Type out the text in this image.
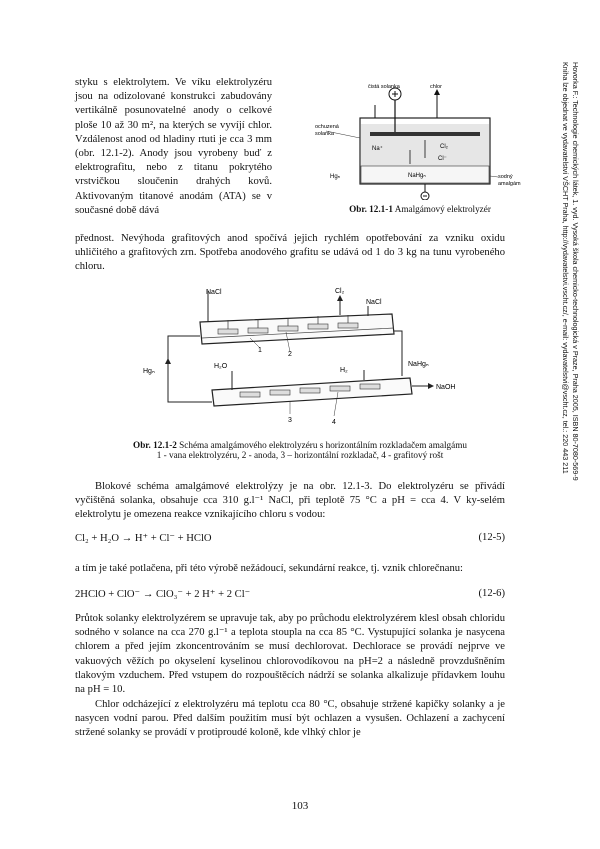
Hovorka F.: Technologie chemických látek, 1. vyd. Vysoká škola chemicko-technologická v Praze, Praha 2005, ISBN 80-7080-569-9
Kniha lze objednat ve vydavatelství VŠCHT Praha, http://vydavatelstvi.vscht.cz/, e-mail: vydavatelstvi@vscht.cz, tel.: 220 443 211

styku s elektrolytem. Ve víku elektrolyzéru jsou na odizolované konstrukci zabudovány vertikálně posunovatelné anody o celkové ploše 10 až 30 m², na kterých se vyvíjí chlor. Vzdálenost anod od hladiny rtuti je cca 3 mm (obr. 12.1-2). Anody jsou vyrobeny buď z elektrografitu, nebo z titanu pokrytého vrstvičkou sloučenin drahých kovů. Aktivovaným titanové anodám (ATA) se v současné době dává

čistá solanka	chlor
ochuzená
solanka
Na⁺	Cl₂
Cl⁻
Hgₙ	NaHgₙ	sodný
amalgám
Obr. 12.1-1 Amalgámový elektrolyzér

přednost. Nevýhoda grafitových anod spočívá jejich rychlém opotřebování za vzniku oxidu uhličitého a grafitových zrn. Spotřeba anodového grafitu se udává od 1 do 3 kg na tunu vyrobeného chloru.

NaCl	Cl₂
NaCl
H₂O
1
2
Hgₙ
NaHgₙ
H₂
NaOH
3	4
Obr. 12.1-2 Schéma amalgámového elektrolyzéru s horizontálním rozkladačem amalgámu
1 - vana elektrolyzéru, 2 - anoda, 3 – horizontální rozkladač, 4 - grafitový rošt

Blokové schéma amalgámové elektrolýzy je na obr. 12.1-3. Do elektrolyzéru se přivádí vyčištěná solanka, obsahuje cca 310 g.l⁻¹ NaCl, při teplotě 75 °C a pH = cca 4. V ky-selém elektrolytu je omezena reakce vznikajícího chloru s vodou:

Cl₂ + H₂O → H⁺ + Cl⁻ + HClO	(12-5)

a tím je také potlačena, při této výrobě nežádoucí, sekundární reakce, tj. vznik chlorečnanu:

2HClO + ClO⁻ → ClO₃⁻ + 2 H⁺ + 2 Cl⁻	(12-6)

Průtok solanky elektrolyzérem se upravuje tak, aby po průchodu elektrolyzérem klesl obsah chloridu sodného v solance na cca 270 g.l⁻¹ a teplota stoupla na cca 85 °C. Vystupující solanka je nasycena chlorem a před jejím zkoncentrováním se musí dechlorovat. Dechlorace se provádí nejprve ve vakuových věžích po okyselení kyselinou chlorovodíkovou na pH=2 a následně provzdušněním tlakovým vzduchem. Před vstupem do rozpouštěcích nádrží se solanka alkalizuje přídavkem louhu na pH = 10.

Chlor odcházející z elektrolyzéru má teplotu cca 80 °C, obsahuje stržené kapičky solanky a je nasycen vodní parou. Před dalším použitím musí být ochlazen a vysušen. Ochlazení a zachycení stržené solanky se provádí v protiproudé koloně, kde vlhký chlor je

103
